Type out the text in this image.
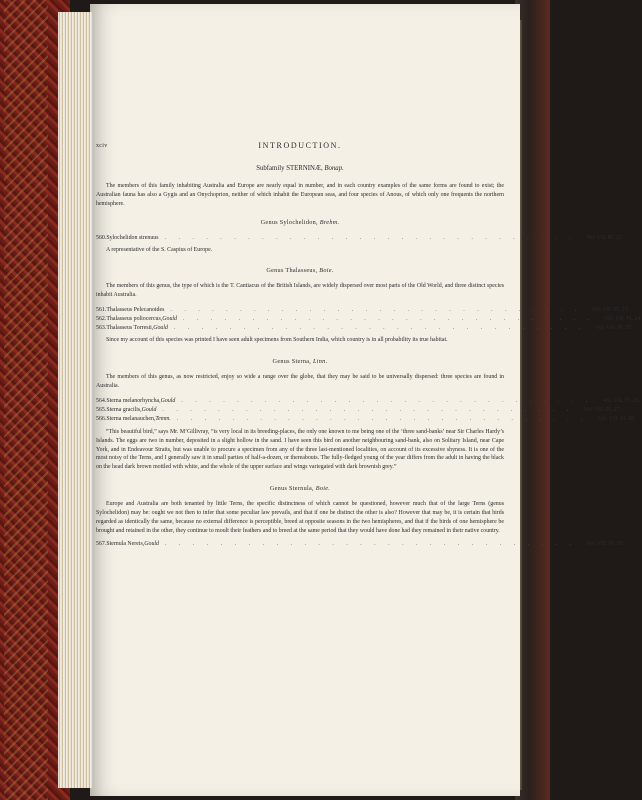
xciv	INTRODUCTION.

Subfamily STERNINÆ, Bonap.

The members of this family inhabiting Australia and Europe are nearly equal in number, and in each country examples of the same forms are found to exist; the Australian fauna has also a Gygis and an Onychoprion, neither of which inhabit the European seas, and four species of Anous, of which only one frequents the northern hemisphere.

Genus Sylochelidon, Brehm.

560. Sylochelidon strenuus	. . . . . . . . . . . . . . . . . . . . . . . . . . . . . .	Vol. VII. Pl. 22.

A representative of the S. Caspius of Europe.

Genus Thalasseus, Boie.

The members of this genus, the type of which is the T. Cantiacus of the British Islands, are widely dispersed over most parts of the Old World, and three distinct species inhabit Australia.

561. Thalasseus Pelecanoides	. . . . . . . . . . . . . . . . . . . . . . . . . . . . . .	Vol. VII. Pl. 23.
562. Thalasseus poliocercus, Gould	. . . . . . . . . . . . . . . . . . . . . . . . . . . . . .	Vol. VII. Pl. 24.
563. Thalasseus Torresii, Gould	. . . . . . . . . . . . . . . . . . . . . . . . . . . . . .	Vol. VII. Pl. 25.

Since my account of this species was printed I have seen adult specimens from Southern India, which country is in all probability its true habitat.

Genus Sterna, Linn.

The members of this genus, as now restricted, enjoy so wide a range over the globe, that they may be said to be universally dispersed: three species are found in Australia.

564. Sterna melanorhyncha, Gould	. . . . . . . . . . . . . . . . . . . . . . . . . . . . . .	Vol. VII. Pl. 26.
565. Sterna gracilis, Gould	. . . . . . . . . . . . . . . . . . . . . . . . . . . . . .	Vol. VII. Pl. 27.
566. Sterna melanauchen, Temm.	. . . . . . . . . . . . . . . . . . . . . . . . . . . . . .	Vol. VII. Pl. 28.

“This beautiful bird,” says Mr. M‘Gillivray, “is very local in its breeding-places, the only one known to me being one of the ‘three sand-banks’ near Sir Charles Hardy’s Islands. The eggs are two in number, deposited in a slight hollow in the sand. I have seen this bird on another neighbouring sand-bank, also on Solitary Island, near Cape York, and in Endeavour Straits, but was unable to procure a specimen from any of the three last-mentioned localities, on account of its excessive shyness. It is one of the most noisy of the Terns, and I generally saw it in small parties of half-a-dozen, or thereabouts. The fully-fledged young of the year differs from the adult in having the black on the head dark brown mottled with white, and the whole of the upper surface and wings variegated with dark brownish grey.”

Genus Sternula, Boie.

Europe and Australia are both tenanted by little Terns, the specific distinctness of which cannot be questioned, however much that of the large Terns (genus Sylochelidon) may be: ought we not then to infer that some peculiar law prevails, and that if one be distinct the other is also? However that may be, it is certain that birds regarded as identically the same, because no external difference is perceptible, breed at opposite seasons in the two hemispheres, and that if the birds of one hemisphere be brought and retained in the other, they continue to moult their feathers and to breed at the same period that they would have done had they remained in their native country.

567. Sternula Nereis, Gould	. . . . . . . . . . . . . . . . . . . . . . . . . . . . . .	Vol. VII. Pl. 29.
